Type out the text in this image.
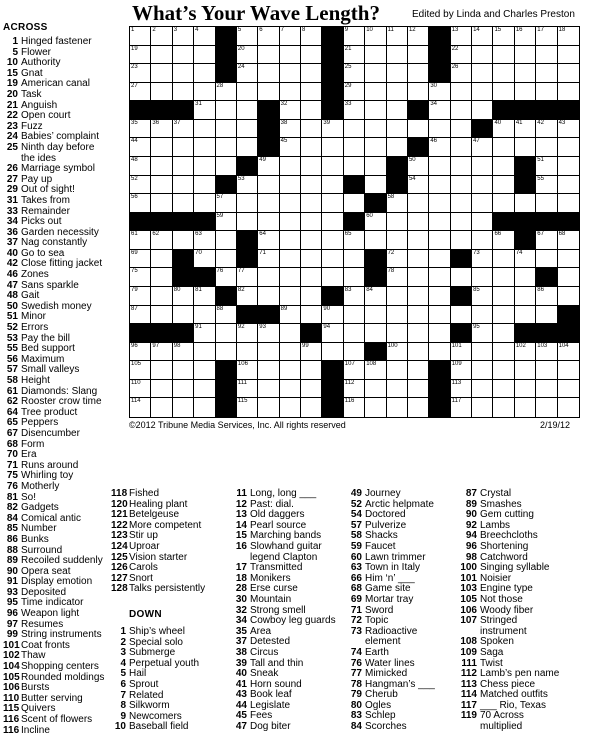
What’s Your Wave Length?	Edited by Linda and Charles Preston
1	2	3	4	5	6	7	8	9	10 11	12	13 14 15 16 17 18
19	20	21	22
23	24	25	26
27	28	29	30
31	32	33	34
35 36 37	38	39	40 41 42 43
44	45	46	47
48	49	50	51
52	53	54	55
56	57	58
59	60
61 62	63	64	65	66	67 68
69	70	71	72	73	74
75	76 77	78
79	80 81	82	83 84	85	86
87	88	89	90
91	92 93	94	95
96 97 98	99	100	101	102 103 104
105	106	107 108	109
110	111	112	113
114	115	116	117
©2012 Tribune Media Services, Inc. All rights reserved	2/19/12
ACROSS
1 Hinged fastener
5 Flower
10 Authority
15 Gnat
19 American canal
20 Task
21 Anguish
22 Open court
23 Fuzz
24 Babies’ complaint
25 Ninth day before
the ides
26 Marriage symbol
27 Pay up
29 Out of sight!
31 Takes from
33 Remainder
34 Picks out
36 Garden necessity
37 Nag constantly
40 Go to sea
42 Close fitting jacket
46 Zones
47 Sans sparkle
48 Gait
50 Swedish money
51 Minor
52 Errors
53 Pay the bill
55 Bed support
56 Maximum
57 Small valleys
58 Height
61 Diamonds: Slang
62 Rooster crow time
64 Tree product
65 Peppers
67 Disencumber
68 Form
70 Era
71 Runs around
75 Whirling toy
76 Motherly
81 So!
82 Gadgets
84 Comical antic
85 Number
86 Bunks
88 Surround
89 Recoiled suddenly
90 Opera seat
91 Display emotion
93 Deposited
95 Time indicator
96 Weapon light
97 Resumes
99 String instruments
101 Coat fronts
102 Thaw
104 Shopping centers
105 Rounded moldings
106 Bursts
110 Butter serving
115 Quivers
116 Scent of flowers
116 Incline
118 Fished
120 Healing plant
121 Betelgeuse
122 More competent
123 Stir up
124 Uproar
125 Vision starter
126 Carols
127 Snort
128 Talks persistently
DOWN
1 Ship’s wheel
2 Special solo
3 Submerge
4 Perpetual youth
5 Hail
6 Sprout
7 Related
8 Silkworm
9 Newcomers
10 Baseball field
11 Long, long ___
12 Past: dial.
13 Old daggers
14 Pearl source
15 Marching bands
16 Slowhand guitar
legend Clapton
17 Transmitted
18 Monikers
28 Erse curse
30 Mountain
32 Strong smell
34 Cowboy leg guards
35 Area
37 Detested
38 Circus
39 Tall and thin
40 Sneak
41 Horn sound
43 Book leaf
44 Legislate
45 Fees
47 Dog biter
49 Journey
52 Arctic helpmate
54 Doctored
57 Pulverize
58 Shacks
59 Faucet
60 Lawn trimmer
63 Town in Italy
66 Him ‘n’ ___
68 Game site
69 Mortar tray
71 Sword
72 Topic
73 Radioactive
element
74 Earth
76 Water lines
77 Mimicked
78 Hangman’s ___
79 Cherub
80 Ogles
83 Schlep
84 Scorches
87 Crystal
89 Smashes
90 Gem cutting
92 Lambs
94 Breechcloths
96 Shortening
98 Catchword
100 Singing syllable
101 Noisier
103 Engine type
105 Not those
106 Woody fiber
107 Stringed
instrument
108 Spoken
109 Saga
111 Twist
112 Lamb’s pen name
113 Chess piece
114 Matched outfits
117 ___ Rio, Texas
119 70 Across
multiplied
